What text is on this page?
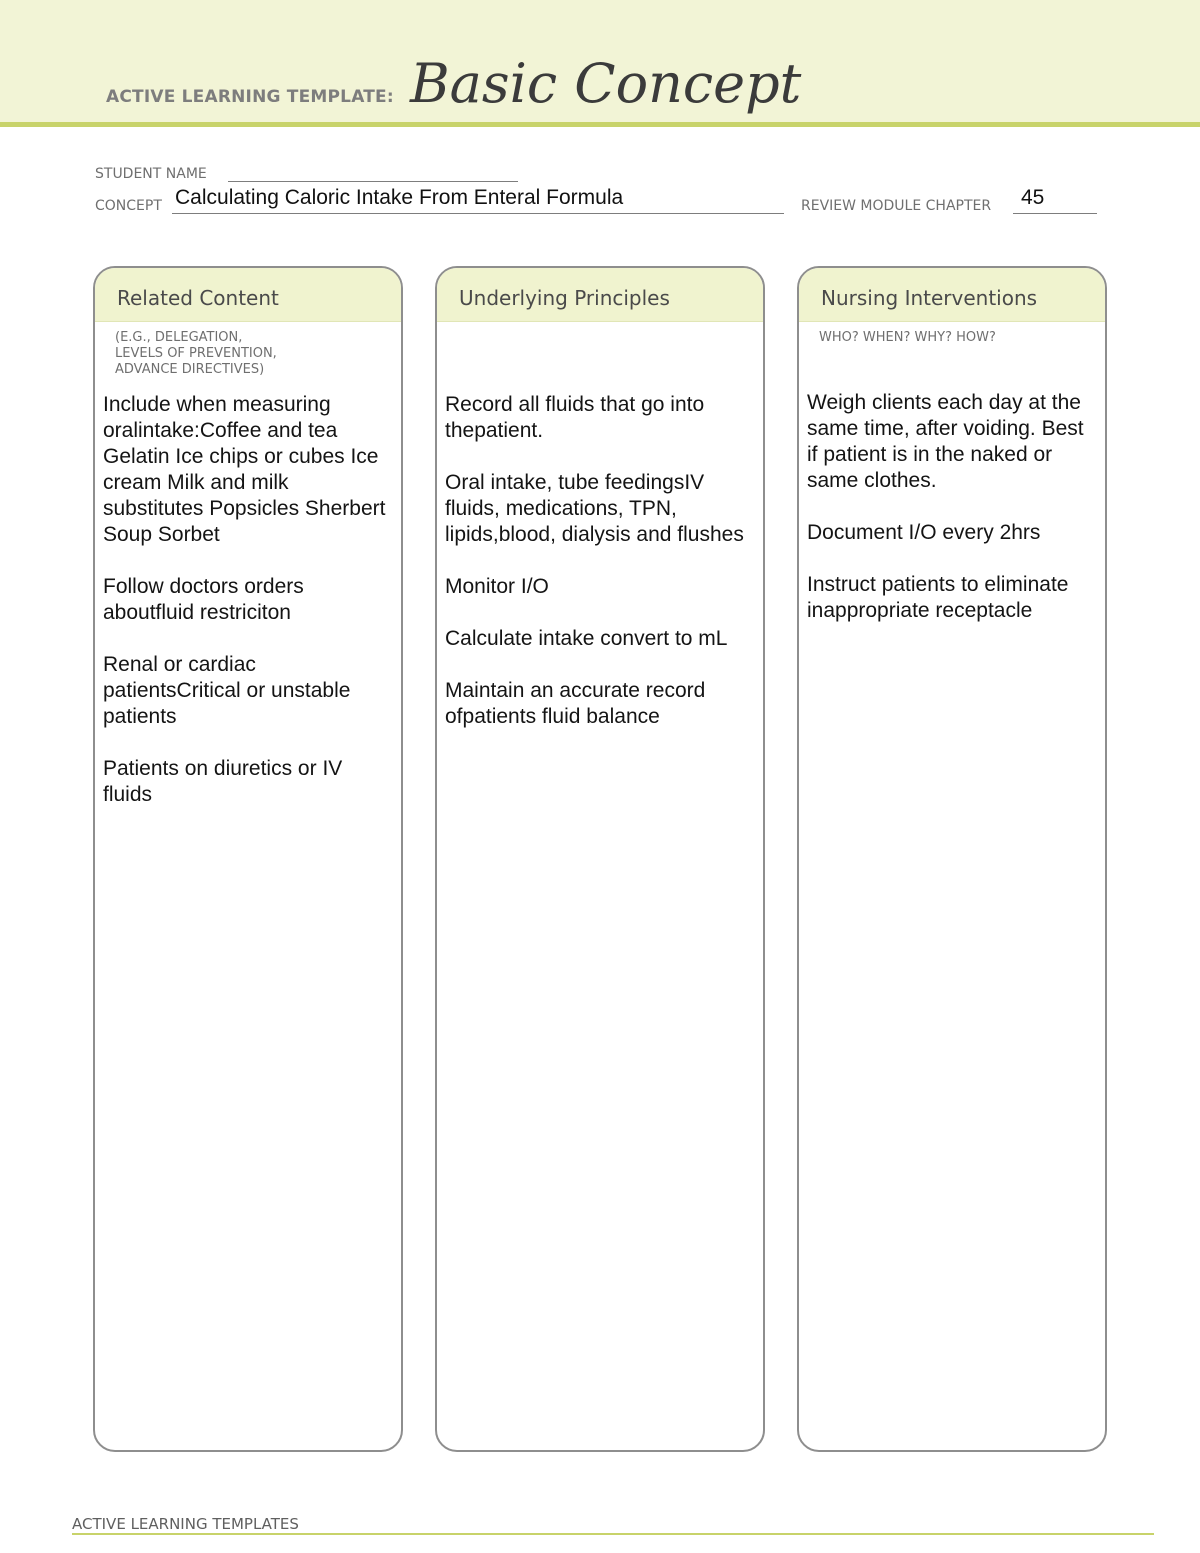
ACTIVE LEARNING TEMPLATE: Basic Concept
STUDENT NAME
CONCEPT Calculating Caloric Intake From Enteral Formula	REVIEW MODULE CHAPTER 45
Related Content
(E.G., DELEGATION,
LEVELS OF PREVENTION,
ADVANCE DIRECTIVES)

Include when measuring oralintake:Coffee and tea Gelatin Ice chips or cubes Ice cream Milk and milk substitutes Popsicles Sherbert Soup Sorbet

Follow doctors orders aboutfluid restriciton

Renal or cardiac patientsCritical or unstable patients

Patients on diuretics or IV fluids

Underlying Principles

Record all fluids that go into thepatient.

Oral intake, tube feedingsIV fluids, medications, TPN, lipids,blood, dialysis and flushes

Monitor I/O

Calculate intake convert to mL

Maintain an accurate record ofpatients fluid balance

Nursing Interventions
WHO? WHEN? WHY? HOW?

Weigh clients each day at the same time, after voiding. Best if patient is in the naked or same clothes.

Document I/O every 2hrs

Instruct patients to eliminate inappropriate receptacle

ACTIVE LEARNING TEMPLATES
